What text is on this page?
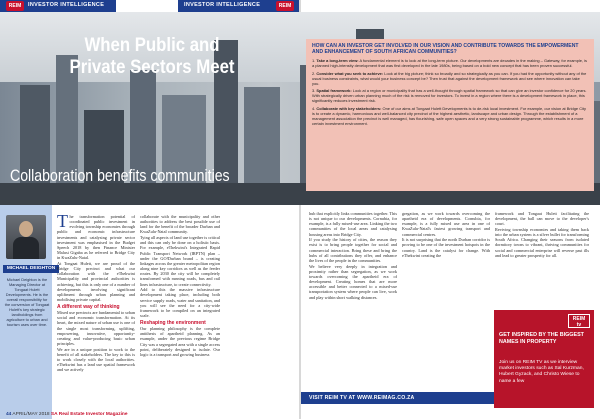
When Public and Private Sectors Meet
Collaboration benefits communities
REIM	INVESTOR INTELLIGENCE	INVESTOR INTELLIGENCE	REIM
HOW CAN AN INVESTOR GET INVOLVED IN OUR VISION AND CONTRIBUTE TOWARDS THE EMPOWERMENT AND ENHANCEMENT OF SOUTH AFRICAN COMMUNITIES?
1. Take a long-term view: A fundamental element is to look at the long-term picture. Our developments are decades in the making – Gateway, for example, is a planned high-intensity development that was first developed in the late 1980s, being based on a bold new concept that has been proven successful.
2. Consider what you seek to achieve: Look at the big picture; think so broadly and so strategically as you can. If you had the opportunity without any of the usual business constraints, what would your business concept be? Then trust that against the development framework and see where innovation can take you.
3. Spatial framework: Look at a region or municipality that has a well-thought through spatial framework so that can give an investor confidence for 20 years. With strategically driven urban planning much of the risk is removed for investors. To invest in a region where there is a development framework in place, this significantly reduces investment risk.
4. Collaborate with key stakeholders: One of our aims at Tongaat Hulett Developments is to de-risk local investment. For example, our vision at Bridge City is to create a dynamic, harmonious and well-balanced city precinct of the highest aesthetic, landscape and urban design. Through the establishment of a management association the precinct is well managed, has flourishing, safe open spaces and a very strong sustainable programme, which results in a more certain investment environment.
MICHAEL DEIGHTON
Michael Deighton is the Managing Director at Tongaat Hulett Developments. He is the overall responsibility for the conversion of Tongaat Hulett's key strategic landholdings from agriculture to urban and tourism uses over time.

The transformation potential of coordinated public investment in evolving township economies through public and economic infrastructure investments and catalysing private sector investment was emphasised in the Budget Speech 2018 by then Finance Minister Malusi Gigaba as he referred to Bridge City in KwaZulu-Natal.

At Tongaat Hulett, we are proud of the Bridge City precinct and what our collaboration with the eThekwini Municipality and provincial authorities is achieving, but this is only one of a number of developments involving significant upliftment through urban planning and mobilising private capital.

A different way of thinking

Mixed use precincts are fundamental to urban social and economic transformation. At its heart, the mixed nature of urban use is one of the single most transforming, uplifting, empowering, innovative, opportunity-creating and value-producing basic urban principles.

We are in a unique position to work to the benefit of all stakeholders. The key to this is to work closely with the local authorities. eThekwini has a land use spatial framework and we actively

collaborate with the municipality and other authorities to address the best possible use of land for the benefit of the broader Durban and KwaZulu-Natal community.

Tying all aspects of land use together is critical and this can only be done on a holistic basis. For example, eThekwini's Integrated Rapid Public Transport Network (IRPTN) plan – under the GO!Durban brand – is creating linkages across the greater metropolitan region along nine key corridors as well as the feeder routes. By 2030 the city will be completely transformed with running roads, bus and rail lines infrastructure, to create connectivity.

Add to this the massive infrastructure development taking place, including both service supply roads, water and sanitation, and you will see the need for a city-wide framework to be compiled on an integrated scale.

Reshaping the environment

Our planning philosophy is the complete antithesis of apartheid planning. As an example, under the previous regime Bridge City was a segregated area with a single access point, deliberately designed to isolate. Our logic is a transport and growing business

hub that explicitly links communities together. This is not unique to our developments. Cornubia, for example, is a fully mixed-use area. Linking the two communities of the local areas and catalysing housing areas into Bridge City.

If you study the history of cities, the reason they exist is to bring people together for social and commercial interaction. Bring these and bring the hubs of all contributions they offer, and enhance the lives of the people in the communities.

We believe very deeply in integration and proximity rather than segregation, as we work towards overcoming the apartheid era of development. Creating homes that are more accessible and better connected to a mixed-use transportation system where people can live, work and play within short walking distances.

gregation, as we work towards overcoming the apartheid era of developments. Cornubia, for example, is a fully mixed use area in one of KwaZulu-Natal's fastest growing transport and commercial centres.

It is not surprising that the north Durban corridor is proving to be one of the investment hotspots in the country. Land is the catalyst for change. With eThekwini creating the

framework and Tongaat Hulett facilitating the development, the ball can move to the developer's court.

Reviving township economies and taking them back into the urban system is a silver bullet for transforming South Africa. Changing their seasons from isolated dormitory towns to vibrant, thriving communities for social and commercial enterprise will reverse past ills and lead to greater prosperity for all.

REIM
tv
GET INSPIRED BY THE BIGGEST NAMES IN PROPERTY
Join us on REIM TV as we interview market investors such as Sal Kurzman, Hubert Gyzack, and Christo Wiese to name a few
VISIT REIM TV AT WWW.REIMAG.CO.ZA
44 APRIL/MAY 2018 SA Real Estate Investor Magazine
